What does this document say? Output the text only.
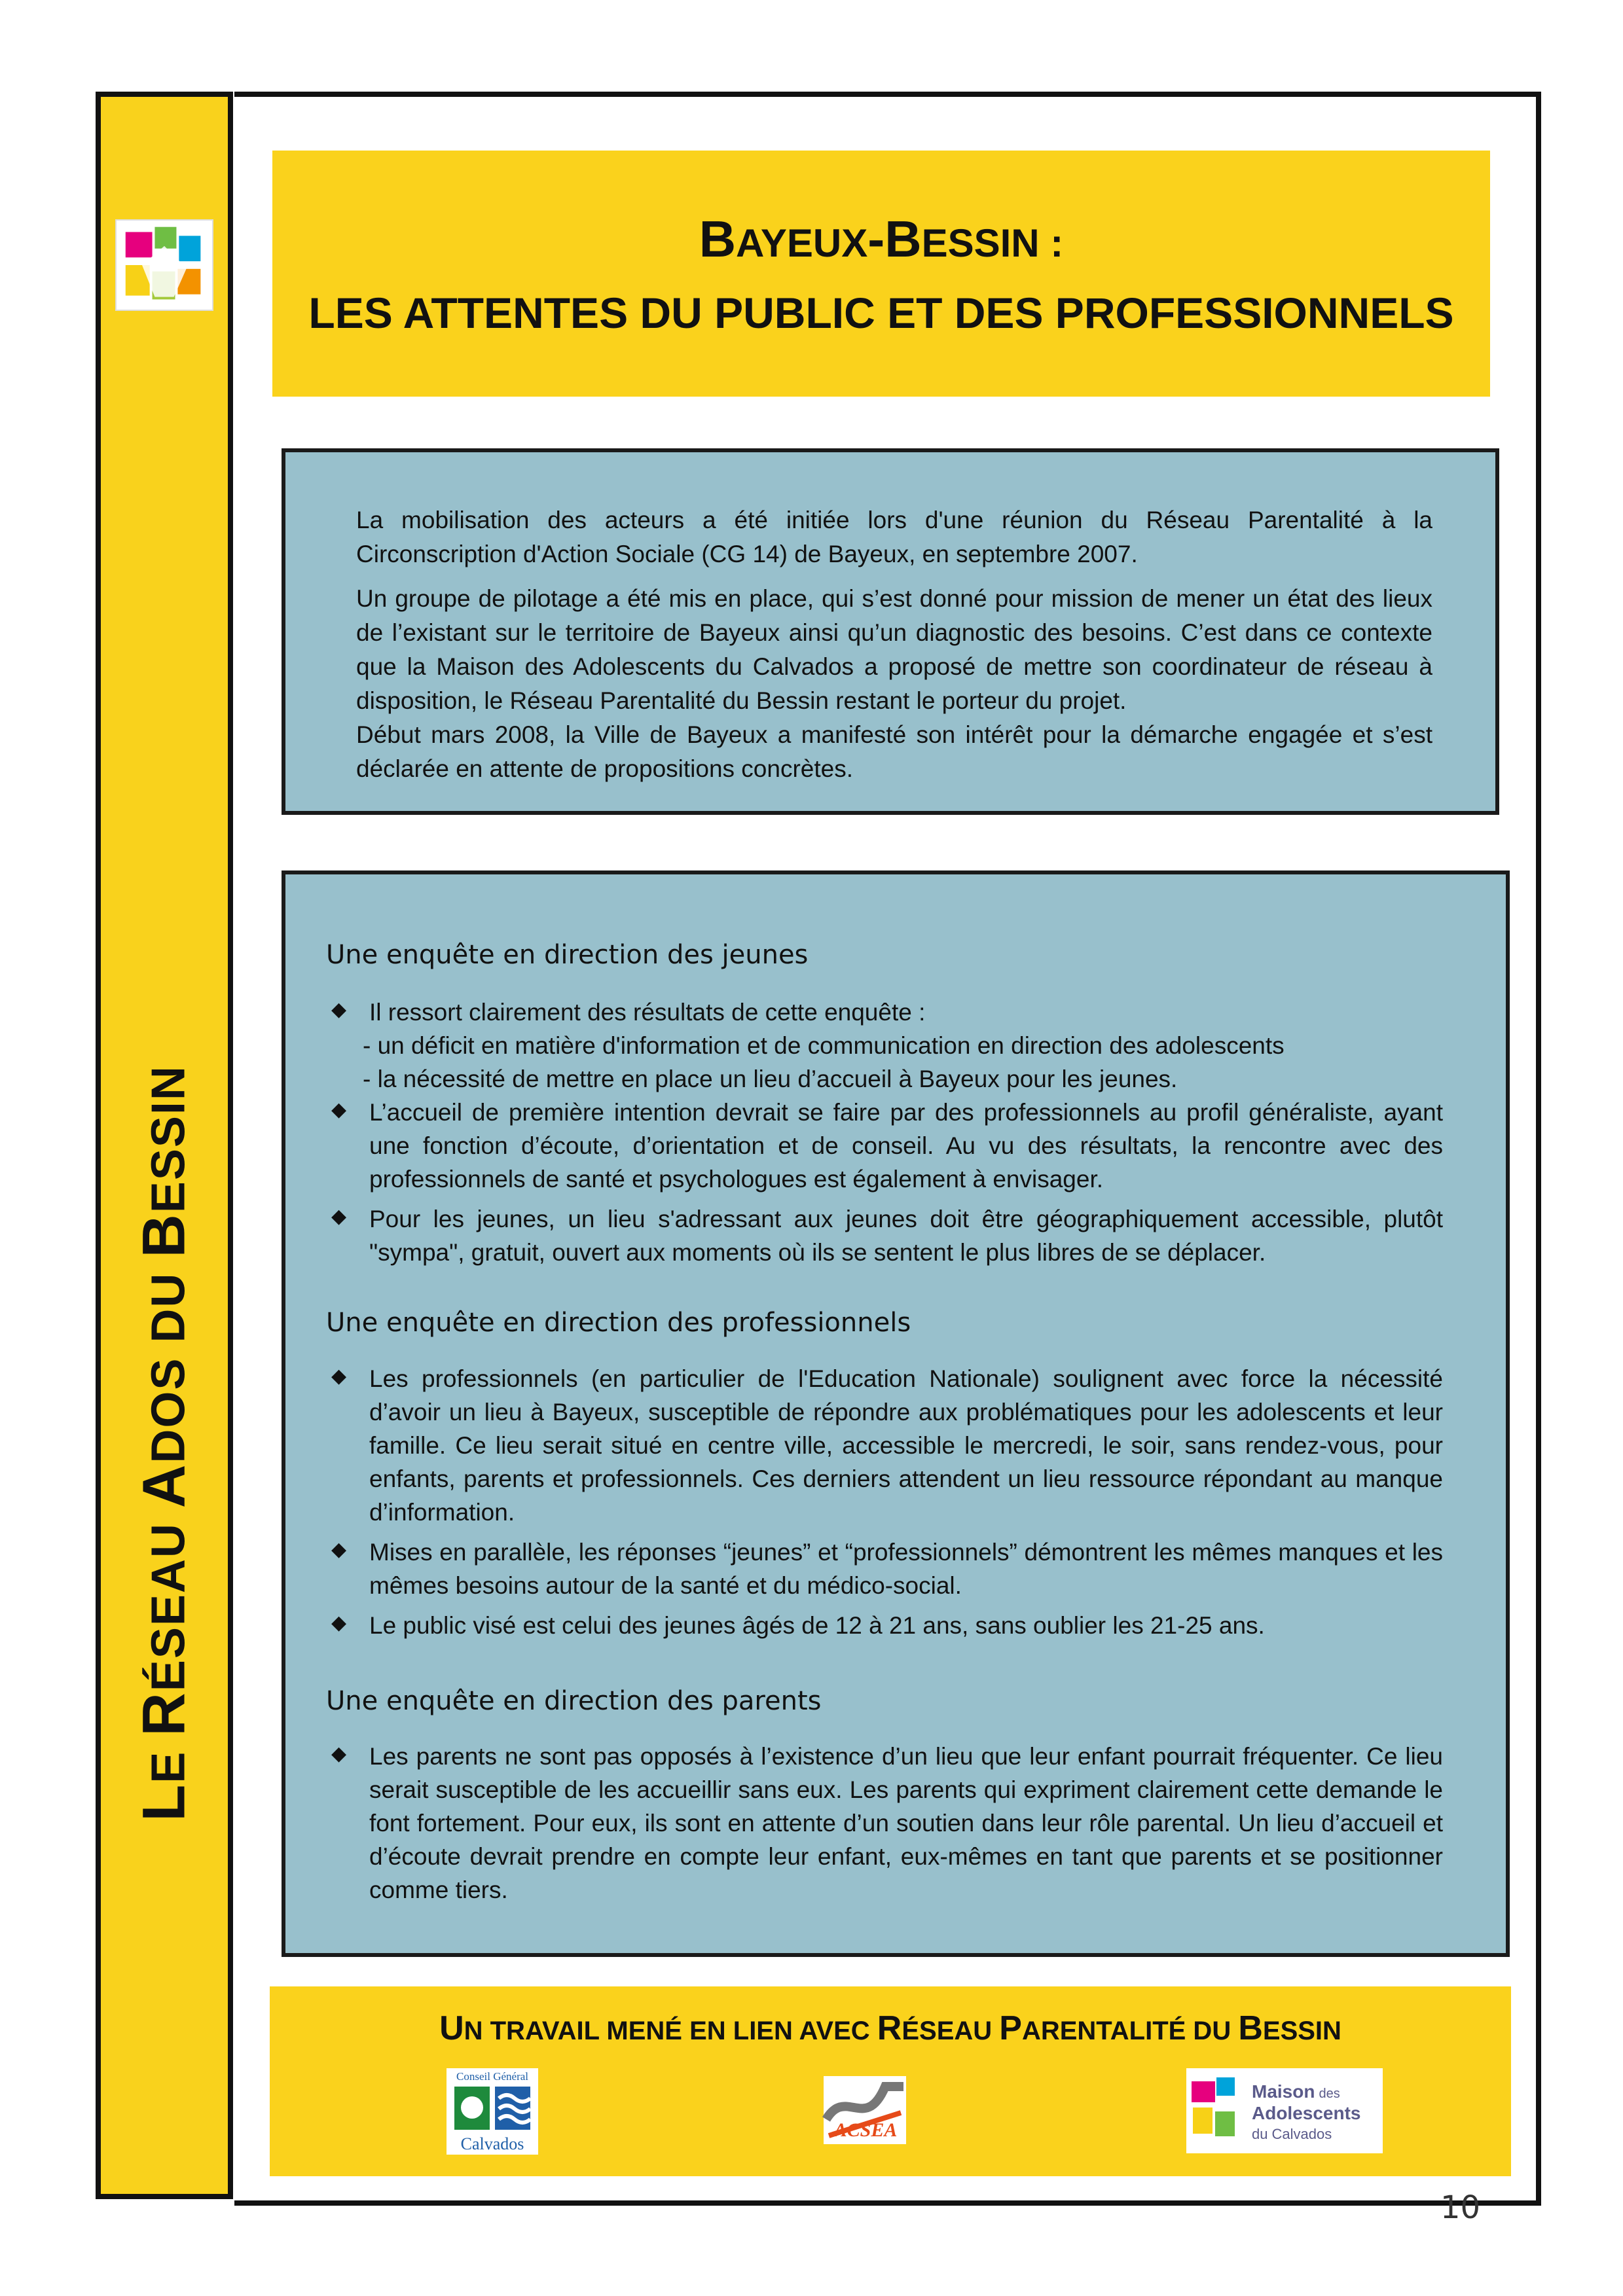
LE RÉSEAU ADOS DU BESSIN
BAYEUX-BESSIN :
LES ATTENTES DU PUBLIC ET DES PROFESSIONNELS

La mobilisation des acteurs a été initiée lors d'une réunion du Réseau Parentalité à la Circonscription d'Action Sociale (CG 14) de Bayeux, en septembre 2007.

Un groupe de pilotage a été mis en place, qui s’est donné pour mission de mener un état des lieux de l’existant sur le territoire de Bayeux ainsi qu’un diagnostic des besoins. C’est dans ce contexte que la Maison des Adolescents du Calvados a proposé de mettre son coordinateur de réseau à disposition, le Réseau Parentalité du Bessin restant le porteur du projet.

Début mars 2008, la Ville de Bayeux a manifesté son intérêt pour la démarche engagée et s’est déclarée en attente de propositions concrètes.

Une enquête en direction des jeunes
◆ Il ressort clairement des résultats de cette enquête :
- un déficit en matière d'information et de communication en direction des adolescents
- la nécessité de mettre en place un lieu d’accueil à Bayeux pour les jeunes.
◆ L’accueil de première intention devrait se faire par des professionnels au profil généraliste, ayant une fonction d’écoute, d’orientation et de conseil. Au vu des résultats, la rencontre avec des professionnels de santé et psychologues est également à envisager.
◆ Pour les jeunes, un lieu s'adressant aux jeunes doit être géographiquement accessible, plutôt "sympa", gratuit, ouvert aux moments où ils se sentent le plus libres de se déplacer.
Une enquête en direction des professionnels
◆ Les professionnels (en particulier de l'Education Nationale) soulignent avec force la nécessité d’avoir un lieu à Bayeux, susceptible de répondre aux problématiques pour les adolescents et leur famille. Ce lieu serait situé en centre ville, accessible le mercredi, le soir, sans rendez-vous, pour enfants, parents et professionnels. Ces derniers attendent un lieu ressource répondant au manque d’information.
◆ Mises en parallèle, les réponses “jeunes” et “professionnels” démontrent les mêmes manques et les mêmes besoins autour de la santé et du médico-social.
◆ Le public visé est celui des jeunes âgés de 12 à 21 ans, sans oublier les 21-25 ans.
Une enquête en direction des parents
◆ Les parents ne sont pas opposés à l’existence d’un lieu que leur enfant pourrait fréquenter. Ce lieu serait susceptible de les accueillir sans eux. Les parents qui expriment clairement cette demande le font fortement. Pour eux, ils sont en attente d’un soutien dans leur rôle parental. Un lieu d’accueil et d’écoute devrait prendre en compte leur enfant, eux-mêmes en tant que parents et se positionner comme tiers.
UN TRAVAIL MENÉ EN LIEN AVEC RÉSEAU PARENTALITÉ DU BESSIN
Conseil Général
Calvados
ACSEA
Maison des
Adolescents
du Calvados
10
